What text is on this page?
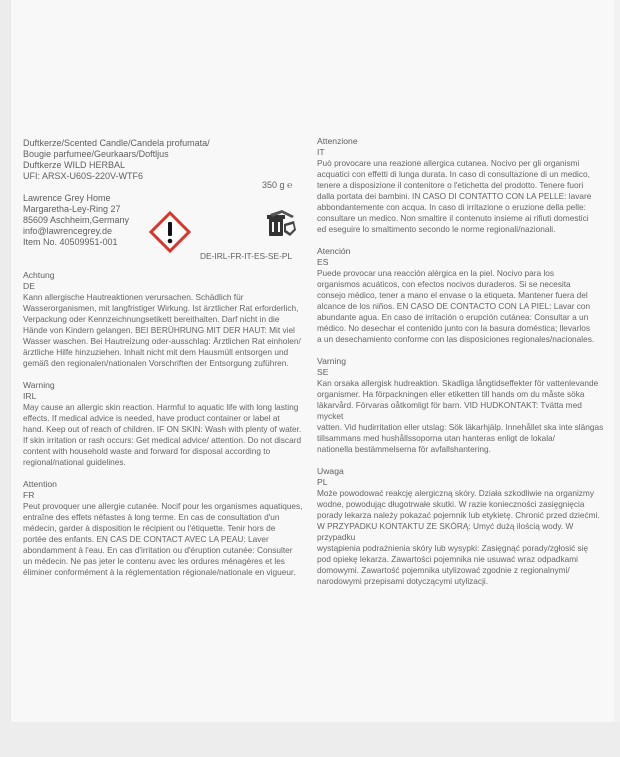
Duftkerze/Scented Candle/Candela profumata/

Bougie parfumee/Geurkaars/Doftljus

Duftkerze WILD HERBAL

UFI: ARSX-U60S-220V-WTF6

Lawrence Grey Home

Margaretha-Ley-Ring 27

85609 Aschheim,Germany

info@lawrencegrey.de

Item No. 40509951-001

350 g ℮
DE-IRL-FR-IT-ES-SE-PL

Achtung

DE

Kann allergische Hautreaktionen verursachen. Schädlich für

Wasserorganismen, mit langfristiger Wirkung. Ist ärztlicher Rat erforderlich,

Verpackung oder Kennzeichnungsetikett bereithalten. Darf nicht in die

Hände von Kindern gelangen. BEI BERÜHRUNG MIT DER HAUT: Mit viel

Wasser waschen. Bei Hautreizung oder-ausschlag: Ärztlichen Rat einholen/

ärztliche Hilfe hinzuziehen. Inhalt nicht mit dem Hausmüll entsorgen und

gemäß den regionalen/nationalen Vorschriften der Entsorgung zuführen.

Warning

IRL

May cause an allergic skin reaction. Harmful to aquatic life with long lasting

effects. If medical advice is needed, have product container or label at

hand. Keep out of reach of children. IF ON SKIN: Wash with plenty of water.

If skin irritation or rash occurs: Get medical advice/ attention. Do not discard

content with household waste and forward for disposal according to

regional/national guidelines.

Attention

FR

Peut provoquer une allergie cutanée. Nocif pour les organismes aquatiques,

entraîne des effets néfastes à long terme. En cas de consultation d'un

médecin, garder à disposition le récipient ou l'étiquette. Tenir hors de

portée des enfants. EN CAS DE CONTACT AVEC LA PEAU: Laver

abondamment à l'eau. En cas d'irritation ou d'éruption cutanée: Consulter

un médecin. Ne pas jeter le contenu avec les ordures ménagères et les

éliminer conformément à la réglementation régionale/nationale en vigueur.

Attenzione

IT

Può provocare una reazione allergica cutanea. Nocivo per gli organismi

acquatici con effetti di lunga durata. In caso di consultazione di un medico,

tenere a disposizione il contenitore o l'etichetta del prodotto. Tenere fuori

dalla portata dei bambini. IN CASO DI CONTATTO CON LA PELLE: lavare

abbondantemente con acqua. In caso di irritazione o eruzione della pelle:

consultare un medico. Non smaltire il contenuto insieme ai rifiuti domestici

ed eseguire lo smaltimento secondo le norme regionali/nazionali.

Atención

ES

Puede provocar una reacción alérgica en la piel. Nocivo para los

organismos acuáticos, con efectos nocivos duraderos. Si se necesita

consejo médico, tener a mano el envase o la etiqueta. Mantener fuera del

alcance de los niños. EN CASO DE CONTACTO CON LA PIEL: Lavar con

abundante agua. En caso de irritación o erupción cutánea: Consultar a un

médico. No desechar el contenido junto con la basura doméstica; llevarlos

a un desechamiento conforme con las disposiciones regionales/nacionales.

Varning

SE

Kan orsaka allergisk hudreaktion. Skadliga långtidseffekter för vattenlevande

organismer. Ha förpackningen eller etiketten till hands om du måste söka

läkarvård. Förvaras oåtkomligt för barn. VID HUDKONTAKT: Tvätta med mycket

vatten. Vid hudirritation eller utslag: Sök läkarhjälp. Innehållet ska inte slängas

tillsammans med hushållssoporna utan hanteras enligt de lokala/

nationella bestämmelserna för avfallshantering.

Uwaga

PL

Może powodować reakcję alergiczną skóry. Działa szkodliwie na organizmy

wodne, powodując długotrwałe skutki. W razie konieczności zasięgnięcia

porady lekarza należy pokazać pojemnik lub etykietę. Chronić przed dziećmi.

W PRZYPADKU KONTAKTU ZE SKÓRĄ: Umyć dużą ilością wody. W przypadku

wystąpienia podrażnienia skóry lub wysypki: Zasięgnąć porady/zgłosić się

pod opiekę lekarza. Zawartości pojemnika nie usuwać wraz odpadkami

domowymi. Zawartość pojemnika utylizować zgodnie z regionalnymi/

narodowymi przepisami dotyczącymi utylizacji.
